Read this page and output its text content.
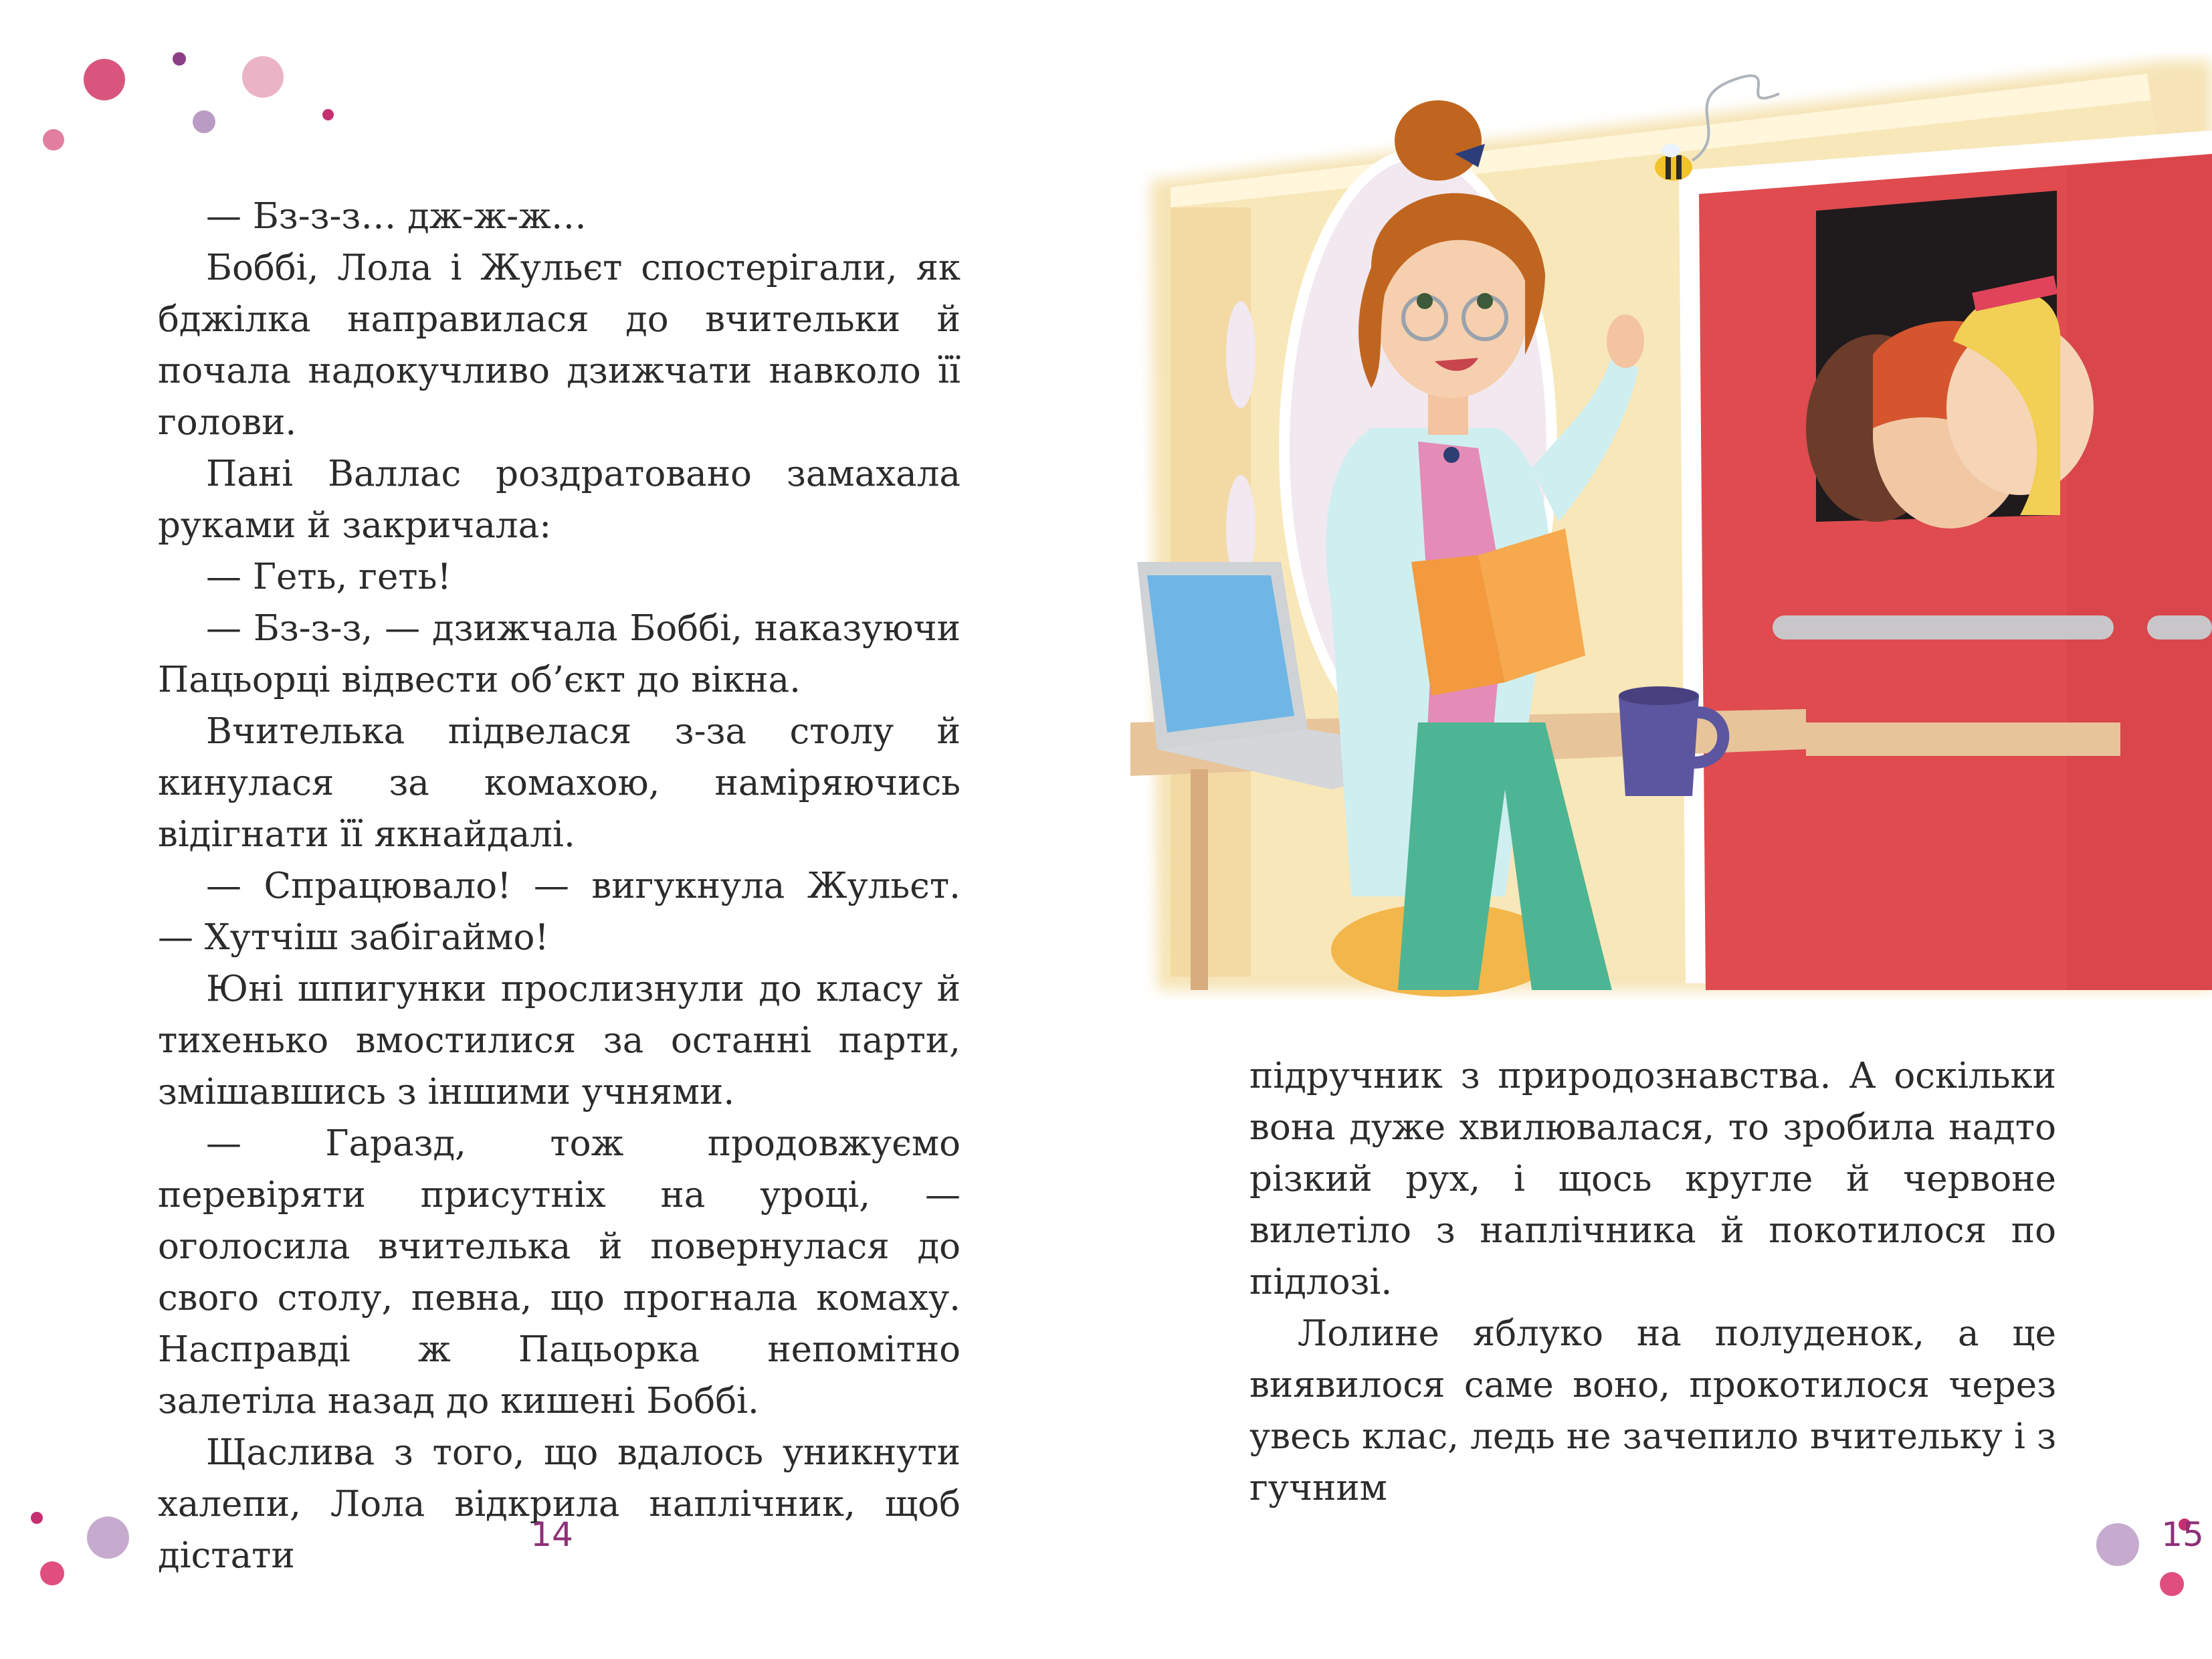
— Бз-з-з… дж-ж-ж…

Боббі, Лола і Жульєт спостерігали, як бджілка направилася до вчительки й почала надокучливо дзижчати навколо її голови.

Пані Валлас роздратовано замахала руками й закричала:

— Геть, геть!

— Бз-з-з, — дзижчала Боббі, наказуючи Пацьорці відвести об’єкт до вікна.

Вчителька підвелася з-за столу й кинулася за комахою, наміряючись відігнати її якнайдалі.

— Спрацювало! — вигукнула Жульєт. — Хутчіш забігаймо!

Юні шпигунки прослизнули до класу й тихенько вмостилися за останні парти, змішавшись з іншими учнями.

— Гаразд, тож продовжуємо перевіряти присутніх на уроці, — оголосила вчителька й повернулася до свого столу, певна, що прогнала комаху. Насправді ж Пацьорка непомітно залетіла назад до кишені Боббі.

Щаслива з того, що вдалось уникнути халепи, Лола відкрила наплічник, щоб дістати

14	15

підручник з природознавства. А оскільки вона дуже хвилювалася, то зробила надто різкий рух, і щось кругле й червоне вилетіло з наплічника й покотилося по підлозі.

Лолине яблуко на полуденок, а це виявилося саме воно, прокотилося через увесь клас, ледь не зачепило вчительку і з гучним
